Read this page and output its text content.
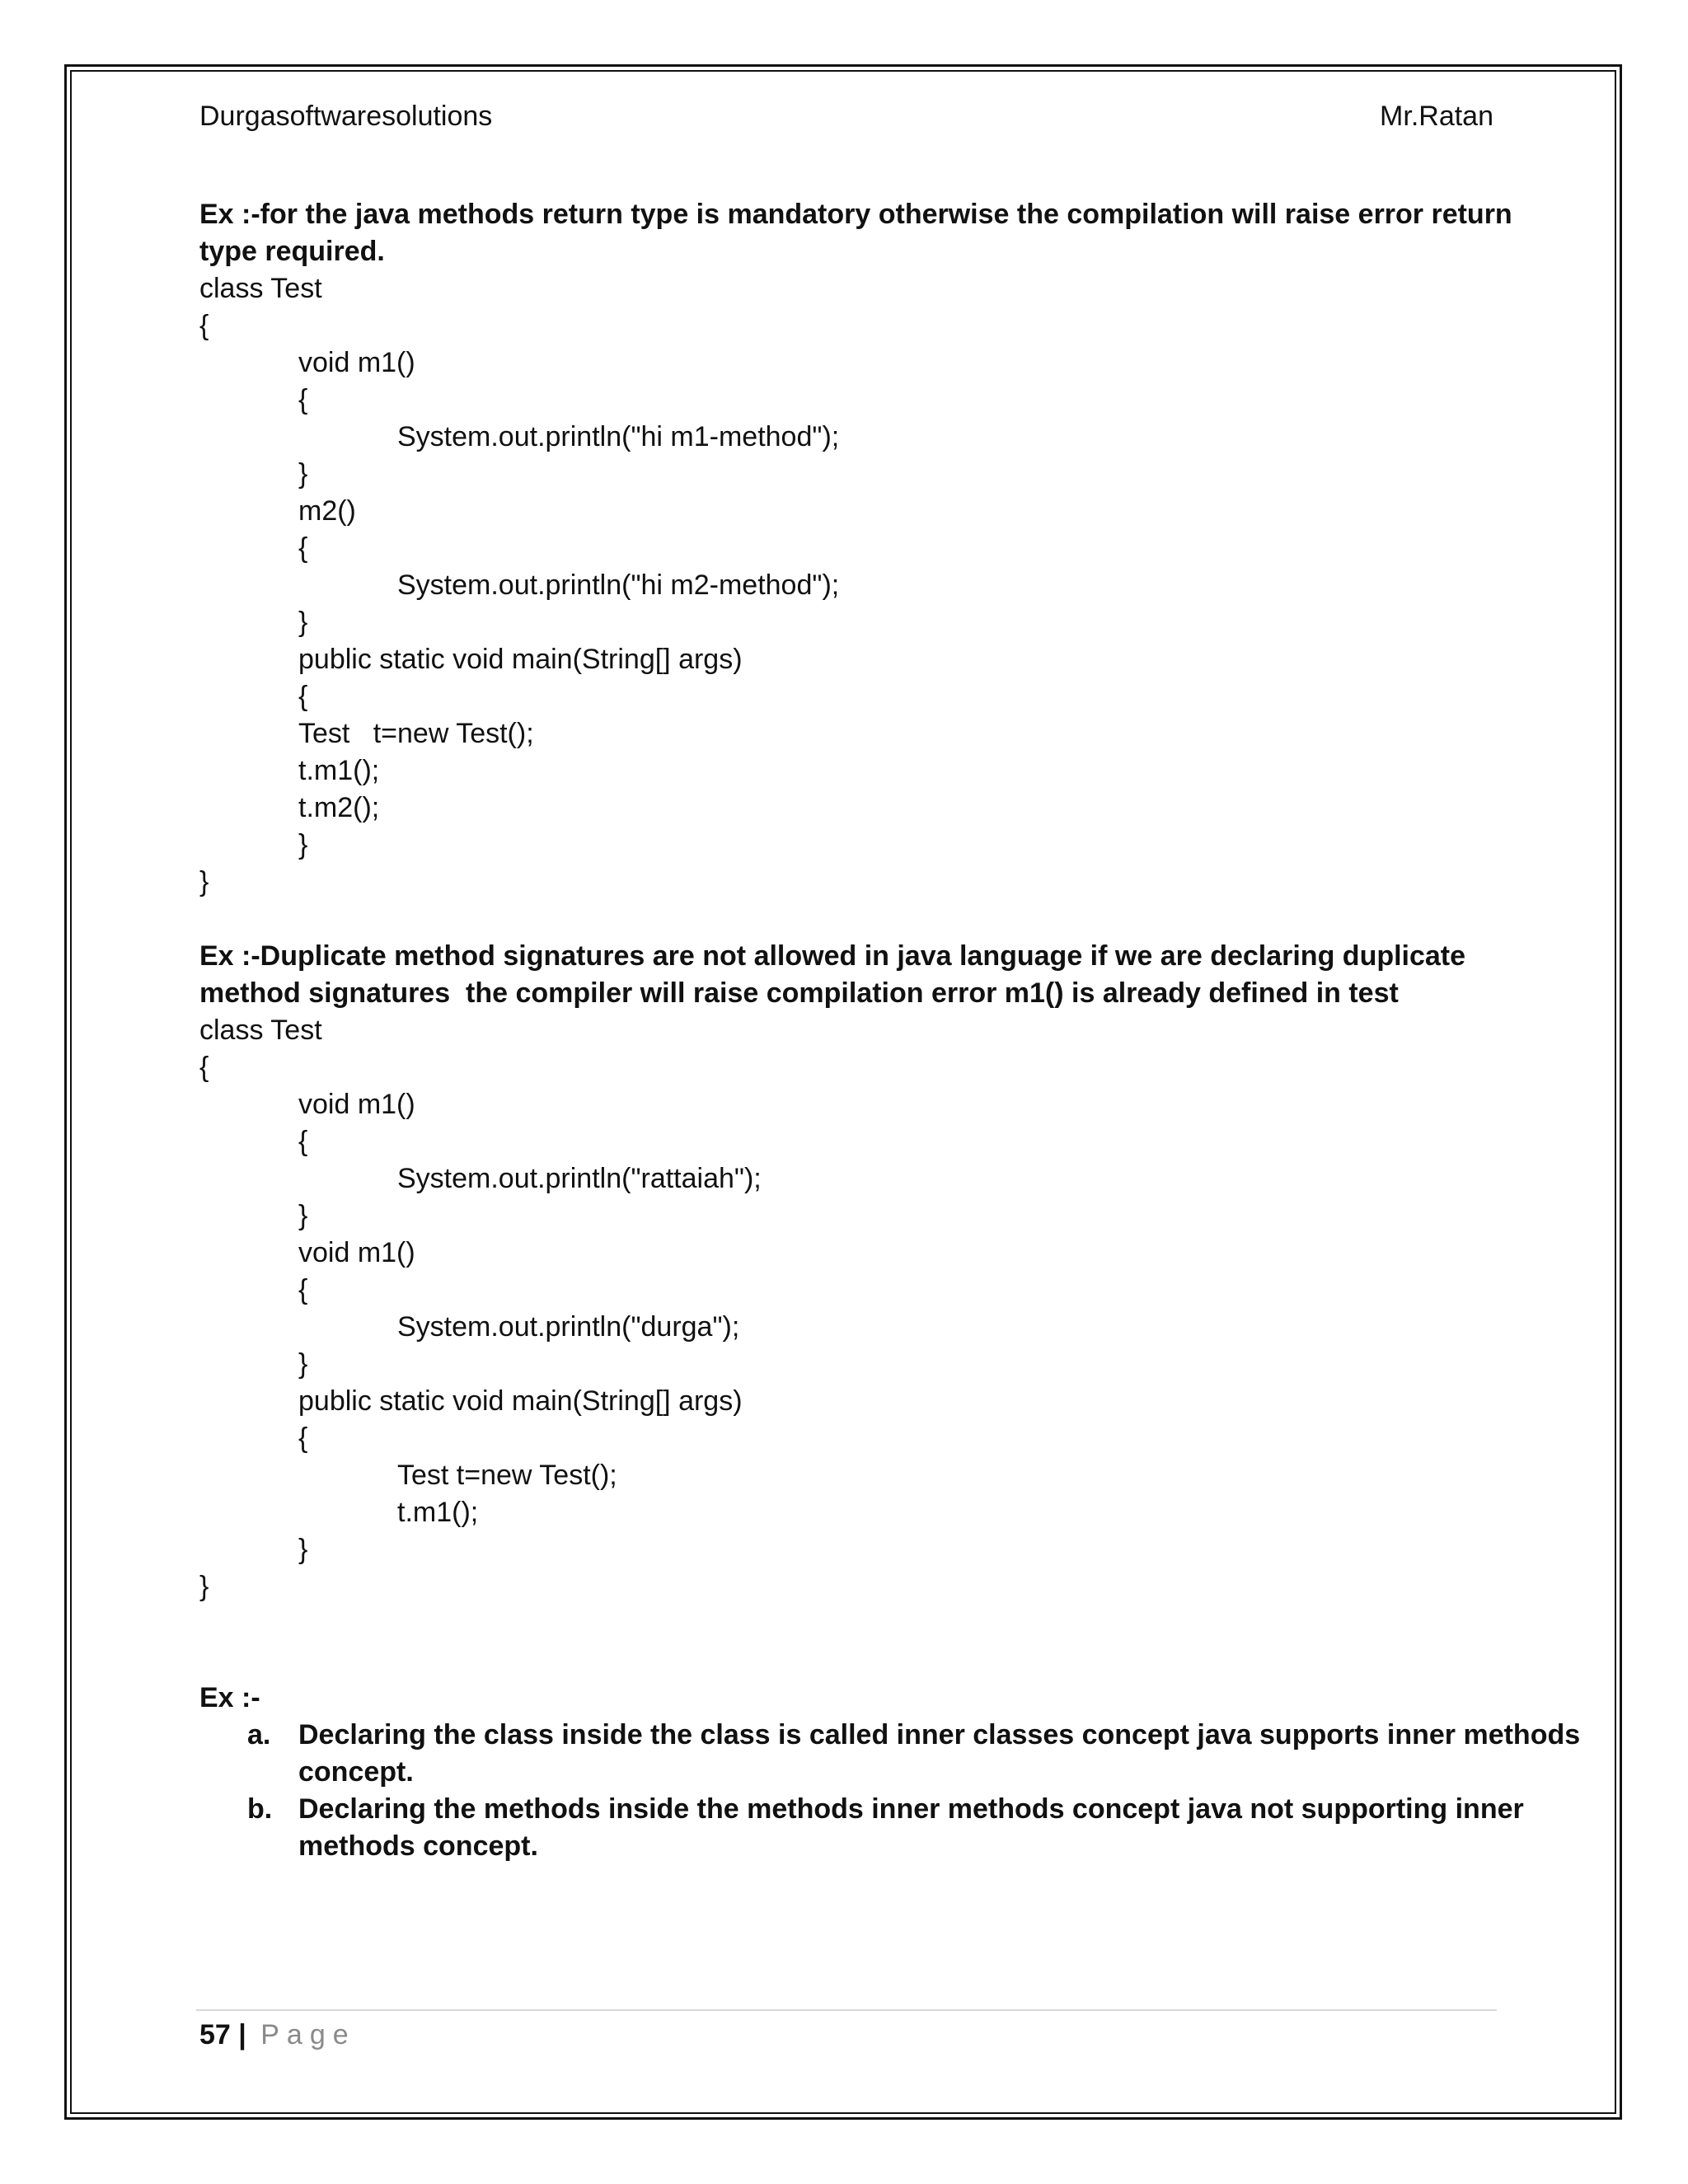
Durgasoftwaresolutions	Mr.Ratan
Ex :-for the java methods return type is mandatory otherwise the compilation will raise error return
type required.
class Test
{
void m1()
{
System.out.println("hi m1-method");
}
m2()
{
System.out.println("hi m2-method");
}
public static void main(String[] args)
{
Test   t=new Test();
t.m1();
t.m2();
}
}
Ex :-Duplicate method signatures are not allowed in java language if we are declaring duplicate
method signatures  the compiler will raise compilation error m1() is already defined in test
class Test
{
void m1()
{
System.out.println("rattaiah");
}
void m1()
{
System.out.println("durga");
}
public static void main(String[] args)
{
Test t=new Test();
t.m1();
}
}
Ex :-
a. Declaring the class inside the class is called inner classes concept java supports inner methods
concept.
b. Declaring the methods inside the methods inner methods concept java not supporting inner
methods concept.
57 | Page
